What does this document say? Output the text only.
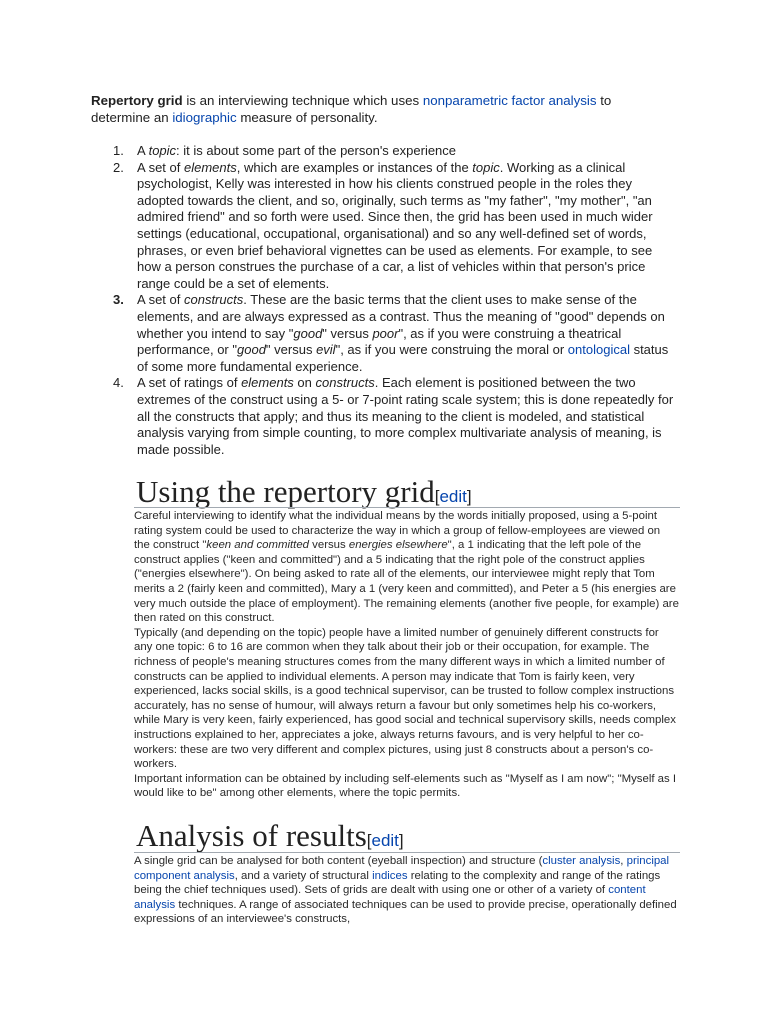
Repertory grid is an interviewing technique which uses nonparametric factor analysis to determine an idiographic measure of personality.
1.	A topic: it is about some part of the person's experience
2.	A set of elements, which are examples or instances of the topic. Working as a clinical psychologist, Kelly was interested in how his clients construed people in the roles they adopted towards the client, and so, originally, such terms as "my father", "my mother", "an admired friend" and so forth were used. Since then, the grid has been used in much wider settings (educational, occupational, organisational) and so any well-defined set of words, phrases, or even brief behavioral vignettes can be used as elements. For example, to see how a person construes the purchase of a car, a list of vehicles within that person's price range could be a set of elements.
3.	A set of constructs. These are the basic terms that the client uses to make sense of the elements, and are always expressed as a contrast. Thus the meaning of "good" depends on whether you intend to say "good" versus poor", as if you were construing a theatrical performance, or "good" versus evil", as if you were construing the moral or ontological status of some more fundamental experience.
4.	A set of ratings of elements on constructs. Each element is positioned between the two extremes of the construct using a 5- or 7-point rating scale system; this is done repeatedly for all the constructs that apply; and thus its meaning to the client is modeled, and statistical analysis varying from simple counting, to more complex multivariate analysis of meaning, is made possible.
Using the repertory grid[edit]

Careful interviewing to identify what the individual means by the words initially proposed, using a 5-point rating system could be used to characterize the way in which a group of fellow-employees are viewed on the construct "keen and committed versus energies elsewhere", a 1 indicating that the left pole of the construct applies ("keen and committed") and a 5 indicating that the right pole of the construct applies ("energies elsewhere"). On being asked to rate all of the elements, our interviewee might reply that Tom merits a 2 (fairly keen and committed), Mary a 1 (very keen and committed), and Peter a 5 (his energies are very much outside the place of employment). The remaining elements (another five people, for example) are then rated on this construct.

Typically (and depending on the topic) people have a limited number of genuinely different constructs for any one topic: 6 to 16 are common when they talk about their job or their occupation, for example. The richness of people's meaning structures comes from the many different ways in which a limited number of constructs can be applied to individual elements. A person may indicate that Tom is fairly keen, very experienced, lacks social skills, is a good technical supervisor, can be trusted to follow complex instructions accurately, has no sense of humour, will always return a favour but only sometimes help his co-workers, while Mary is very keen, fairly experienced, has good social and technical supervisory skills, needs complex instructions explained to her, appreciates a joke, always returns favours, and is very helpful to her co-workers: these are two very different and complex pictures, using just 8 constructs about a person's co-workers.

Important information can be obtained by including self-elements such as "Myself as I am now"; "Myself as I would like to be" among other elements, where the topic permits.

Analysis of results[edit]

A single grid can be analysed for both content (eyeball inspection) and structure (cluster analysis, principal component analysis, and a variety of structural indices relating to the complexity and range of the ratings being the chief techniques used). Sets of grids are dealt with using one or other of a variety of content analysis techniques. A range of associated techniques can be used to provide precise, operationally defined expressions of an interviewee's constructs,
